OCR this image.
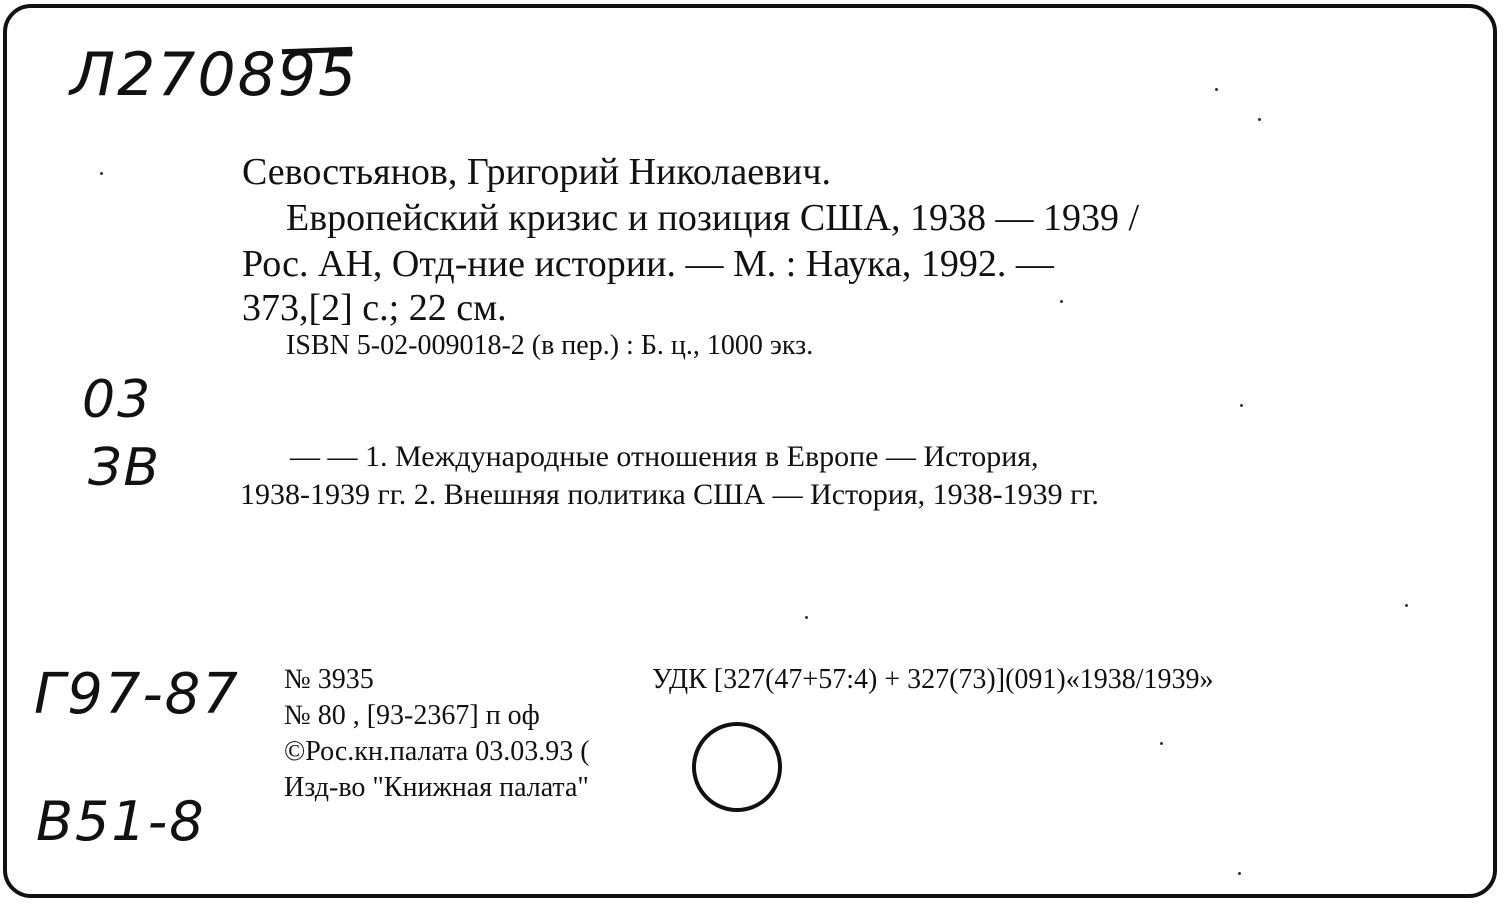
Л270895
03
ЗВ
Г97-87
В51-8
Севостьянов, Григорий Николаевич.
Европейский кризис и позиция США, 1938 — 1939 /
Рос. АН, Отд-ние истории. — М. : Наука, 1992. —
373,[2] с.; 22 см.
ISBN 5-02-009018-2 (в пер.) : Б. ц., 1000 экз.
— — 1. Международные отношения в Европе — История,
1938-1939 гг. 2. Внешняя политика США — История, 1938-1939 гг.
№ 3935	УДК [327(47+57:4) + 327(73)](091)«1938/1939»
№ 80 , [93-2367] п оф
©Рос.кн.палата 03.03.93 (
Изд-во "Книжная палата"
